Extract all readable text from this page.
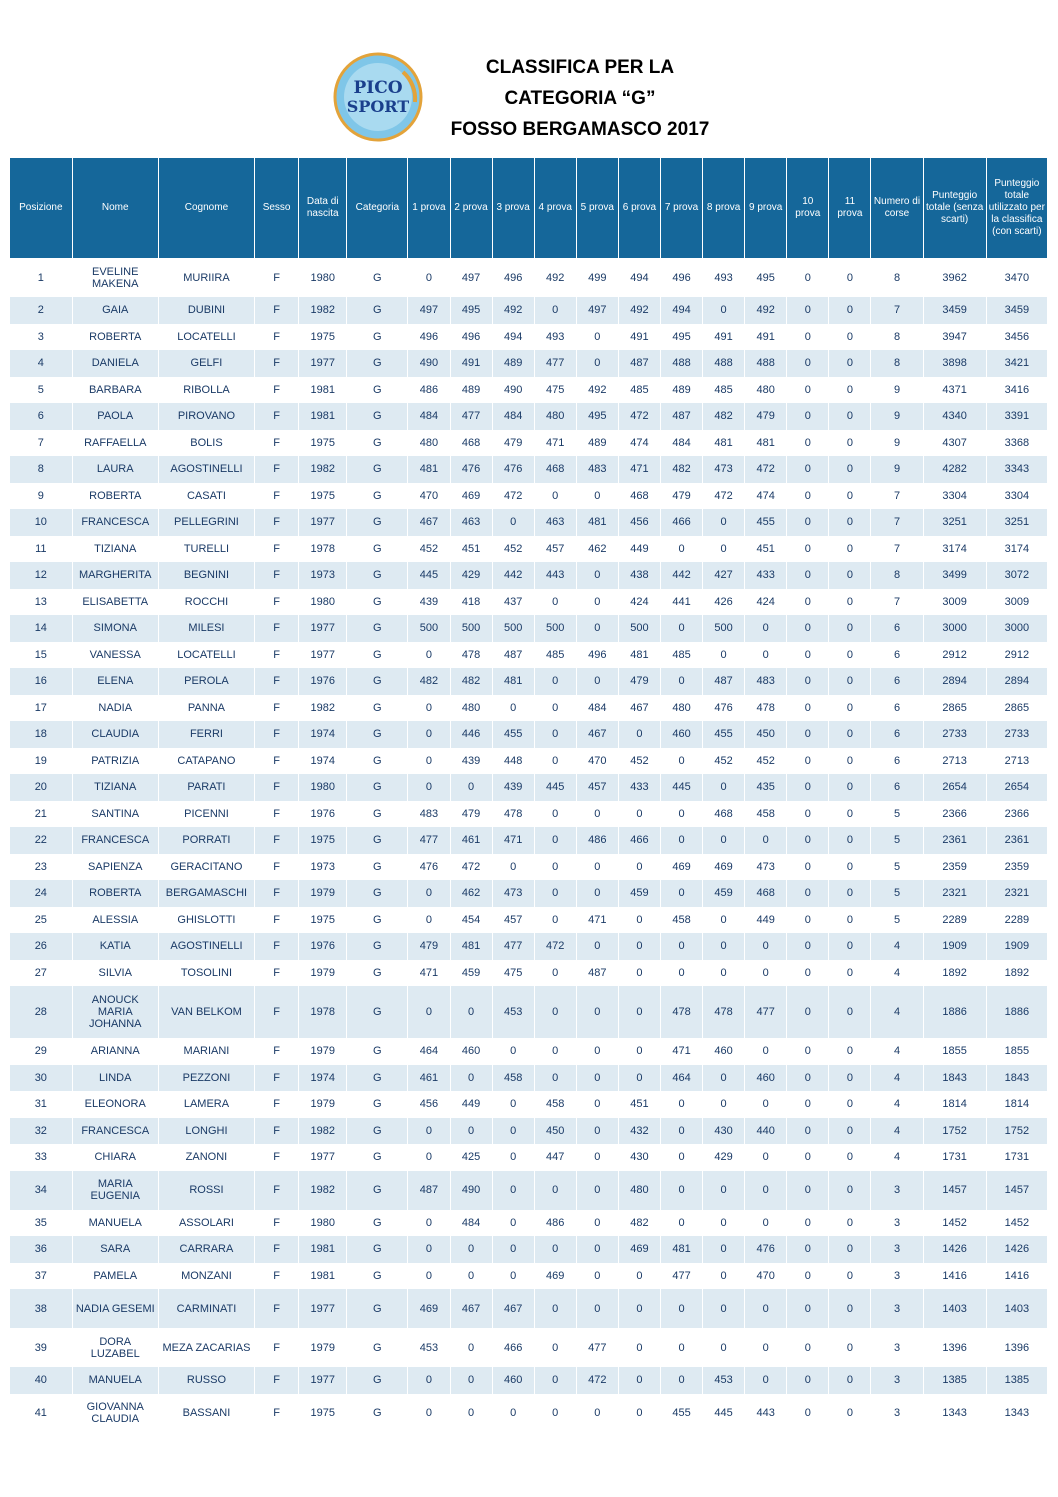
PICO
SPORT
CLASSIFICA PER LA
CATEGORIA “G”
FOSSO BERGAMASCO 2017
Posizione	Nome	Cognome	Sesso	Data di nascita	Categoria	1 prova	2 prova	3 prova	4 prova	5 prova	6 prova	7 prova	8 prova	9 prova	10 prova	11 prova	Numero di corse	Punteggio totale (senza scarti)	Punteggio totale utilizzato per la classifica (con scarti)
1	EVELINE MAKENA	MURIIRA	F	1980	G	0	497	496	492	499	494	496	493	495	0	0	8	3962	3470
2	GAIA	DUBINI	F	1982	G	497	495	492	0	497	492	494	0	492	0	0	7	3459	3459
3	ROBERTA	LOCATELLI	F	1975	G	496	496	494	493	0	491	495	491	491	0	0	8	3947	3456
4	DANIELA	GELFI	F	1977	G	490	491	489	477	0	487	488	488	488	0	0	8	3898	3421
5	BARBARA	RIBOLLA	F	1981	G	486	489	490	475	492	485	489	485	480	0	0	9	4371	3416
6	PAOLA	PIROVANO	F	1981	G	484	477	484	480	495	472	487	482	479	0	0	9	4340	3391
7	RAFFAELLA	BOLIS	F	1975	G	480	468	479	471	489	474	484	481	481	0	0	9	4307	3368
8	LAURA	AGOSTINELLI	F	1982	G	481	476	476	468	483	471	482	473	472	0	0	9	4282	3343
9	ROBERTA	CASATI	F	1975	G	470	469	472	0	0	468	479	472	474	0	0	7	3304	3304
10	FRANCESCA	PELLEGRINI	F	1977	G	467	463	0	463	481	456	466	0	455	0	0	7	3251	3251
11	TIZIANA	TURELLI	F	1978	G	452	451	452	457	462	449	0	0	451	0	0	7	3174	3174
12	MARGHERITA	BEGNINI	F	1973	G	445	429	442	443	0	438	442	427	433	0	0	8	3499	3072
13	ELISABETTA	ROCCHI	F	1980	G	439	418	437	0	0	424	441	426	424	0	0	7	3009	3009
14	SIMONA	MILESI	F	1977	G	500	500	500	500	0	500	0	500	0	0	0	6	3000	3000
15	VANESSA	LOCATELLI	F	1977	G	0	478	487	485	496	481	485	0	0	0	0	6	2912	2912
16	ELENA	PEROLA	F	1976	G	482	482	481	0	0	479	0	487	483	0	0	6	2894	2894
17	NADIA	PANNA	F	1982	G	0	480	0	0	484	467	480	476	478	0	0	6	2865	2865
18	CLAUDIA	FERRI	F	1974	G	0	446	455	0	467	0	460	455	450	0	0	6	2733	2733
19	PATRIZIA	CATAPANO	F	1974	G	0	439	448	0	470	452	0	452	452	0	0	6	2713	2713
20	TIZIANA	PARATI	F	1980	G	0	0	439	445	457	433	445	0	435	0	0	6	2654	2654
21	SANTINA	PICENNI	F	1976	G	483	479	478	0	0	0	0	468	458	0	0	5	2366	2366
22	FRANCESCA	PORRATI	F	1975	G	477	461	471	0	486	466	0	0	0	0	0	5	2361	2361
23	SAPIENZA	GERACITANO	F	1973	G	476	472	0	0	0	0	469	469	473	0	0	5	2359	2359
24	ROBERTA	BERGAMASCHI	F	1979	G	0	462	473	0	0	459	0	459	468	0	0	5	2321	2321
25	ALESSIA	GHISLOTTI	F	1975	G	0	454	457	0	471	0	458	0	449	0	0	5	2289	2289
26	KATIA	AGOSTINELLI	F	1976	G	479	481	477	472	0	0	0	0	0	0	0	4	1909	1909
27	SILVIA	TOSOLINI	F	1979	G	471	459	475	0	487	0	0	0	0	0	0	4	1892	1892
28	ANOUCK MARIA JOHANNA	VAN BELKOM	F	1978	G	0	0	453	0	0	0	478	478	477	0	0	4	1886	1886
29	ARIANNA	MARIANI	F	1979	G	464	460	0	0	0	0	471	460	0	0	0	4	1855	1855
30	LINDA	PEZZONI	F	1974	G	461	0	458	0	0	0	464	0	460	0	0	4	1843	1843
31	ELEONORA	LAMERA	F	1979	G	456	449	0	458	0	451	0	0	0	0	0	4	1814	1814
32	FRANCESCA	LONGHI	F	1982	G	0	0	0	450	0	432	0	430	440	0	0	4	1752	1752
33	CHIARA	ZANONI	F	1977	G	0	425	0	447	0	430	0	429	0	0	0	4	1731	1731
34	MARIA EUGENIA	ROSSI	F	1982	G	487	490	0	0	0	480	0	0	0	0	0	3	1457	1457
35	MANUELA	ASSOLARI	F	1980	G	0	484	0	486	0	482	0	0	0	0	0	3	1452	1452
36	SARA	CARRARA	F	1981	G	0	0	0	0	0	469	481	0	476	0	0	3	1426	1426
37	PAMELA	MONZANI	F	1981	G	0	0	0	469	0	0	477	0	470	0	0	3	1416	1416
38	NADIA GESEMI	CARMINATI	F	1977	G	469	467	467	0	0	0	0	0	0	0	0	3	1403	1403
39	DORA LUZABEL	MEZA ZACARIAS	F	1979	G	453	0	466	0	477	0	0	0	0	0	0	3	1396	1396
40	MANUELA	RUSSO	F	1977	G	0	0	460	0	472	0	0	453	0	0	0	3	1385	1385
41	GIOVANNA CLAUDIA	BASSANI	F	1975	G	0	0	0	0	0	0	455	445	443	0	0	3	1343	1343
